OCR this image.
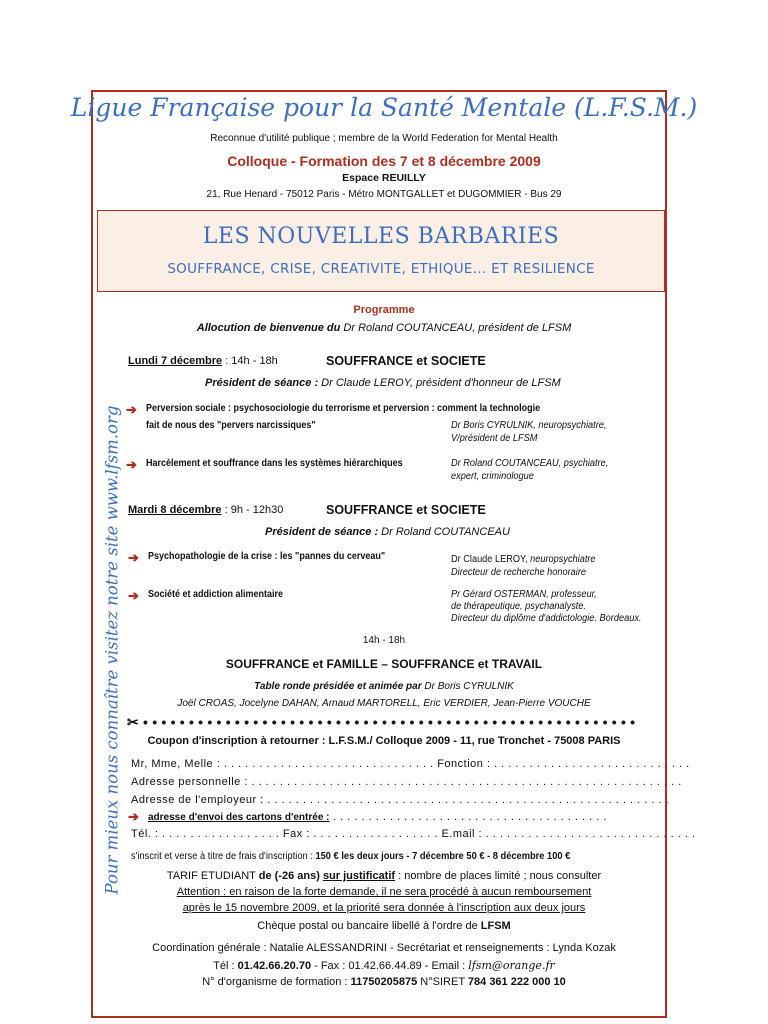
Ligue Française pour la Santé Mentale (L.F.S.M.)
Reconnue d'utilité publique ; membre de la World Federation for Mental Health
Colloque - Formation des 7 et 8 décembre 2009
Espace REUILLY
21, Rue Henard - 75012 Paris - Métro MONTGALLET et DUGOMMIER - Bus 29
LES NOUVELLES BARBARIES
SOUFFRANCE, CRISE, CREATIVITE, ETHIQUE… ET RESILIENCE
Pour mieux nous connaître visitez notre site www.lfsm.org
Programme
Allocution de bienvenue du Dr Roland COUTANCEAU, président de LFSM
Lundi 7 décembre : 14h - 18h	SOUFFRANCE et SOCIETE
Président de séance : Dr Claude LEROY, président d'honneur de LFSM
➔ Perversion sociale : psychosociologie du terrorisme et perversion : comment la technologie
fait de nous des "pervers narcissiques"	Dr Boris CYRULNIK, neuropsychiatre,
V/président de LFSM
➔ Harcèlement et souffrance dans les systèmes hiérarchiques	Dr Roland COUTANCEAU, psychiatre,
expert, criminologue
Mardi 8 décembre : 9h - 12h30	SOUFFRANCE et SOCIETE
Président de séance : Dr Roland COUTANCEAU
➔ Psychopathologie de la crise : les "pannes du cerveau"	Dr Claude LEROY, neuropsychiatre
Directeur de recherche honoraire
➔ Société et addiction alimentaire	Pr Gérard OSTERMAN, professeur,
de thérapeutique, psychanalyste.
Directeur du diplôme d'addictologie. Bordeaux.
14h - 18h
SOUFFRANCE et FAMILLE – SOUFFRANCE et TRAVAIL
Table ronde présidée et animée par Dr Boris CYRULNIK
Joël CROAS, Jocelyne DAHAN, Arnaud MARTORELL, Eric VERDIER, Jean-Pierre VOUCHE
✂ • • • • • • • • • • • • • • • • • • • • • • • • • • • • • • • • • • • • • • • • • • • • • • • • • • • • • •
Coupon d'inscription à retourner : L.F.S.M./ Colloque 2009 - 11, rue Tronchet - 75008 PARIS
Mr, Mme, Melle : . . . . . . . . . . . . . . . . . . . . . . . . . . . . . . Fonction : . . . . . . . . . . . . . . . . . . . . . . . . . . . .
Adresse personnelle : . . . . . . . . . . . . . . . . . . . . . . . . . . . . . . . . . . . . . . . . . . . . . . . . . . . . . . . . . . . . .
Adresse de l'employeur : . . . . . . . . . . . . . . . . . . . . . . . . . . . . . . . . . . . . . . . . . . . . . . . . . . . . . . . . .
➔ adresse d'envoi des cartons d'entrée : . . . . . . . . . . . . . . . . . . . . . . . . . . . . . . . . . . . . . . .
Tél. : . . . . . . . . . . . . . . . . . Fax : . . . . . . . . . . . . . . . . . . E.mail : . . . . . . . . . . . . . . . . . . . . . . . . . . . . . .
s'inscrit et verse à titre de frais d'inscription : 150 € les deux jours - 7 décembre 50 € - 8 décembre 100 €
TARIF ETUDIANT de (-26 ans) sur justificatif : nombre de places limité ; nous consulter
Attention : en raison de la forte demande, il ne sera procédé à aucun remboursement
après le 15 novembre 2009, et la priorité sera donnée à l'inscription aux deux jours
Chèque postal ou bancaire libellé à l'ordre de LFSM
Coordination générale : Natalie ALESSANDRINI - Secrétariat et renseignements : Lynda Kozak
Tél : 01.42.66.20.70 - Fax : 01.42.66.44.89 - Email : lfsm@orange.fr
N° d'organisme de formation : 11750205875 N°SIRET 784 361 222 000 10
